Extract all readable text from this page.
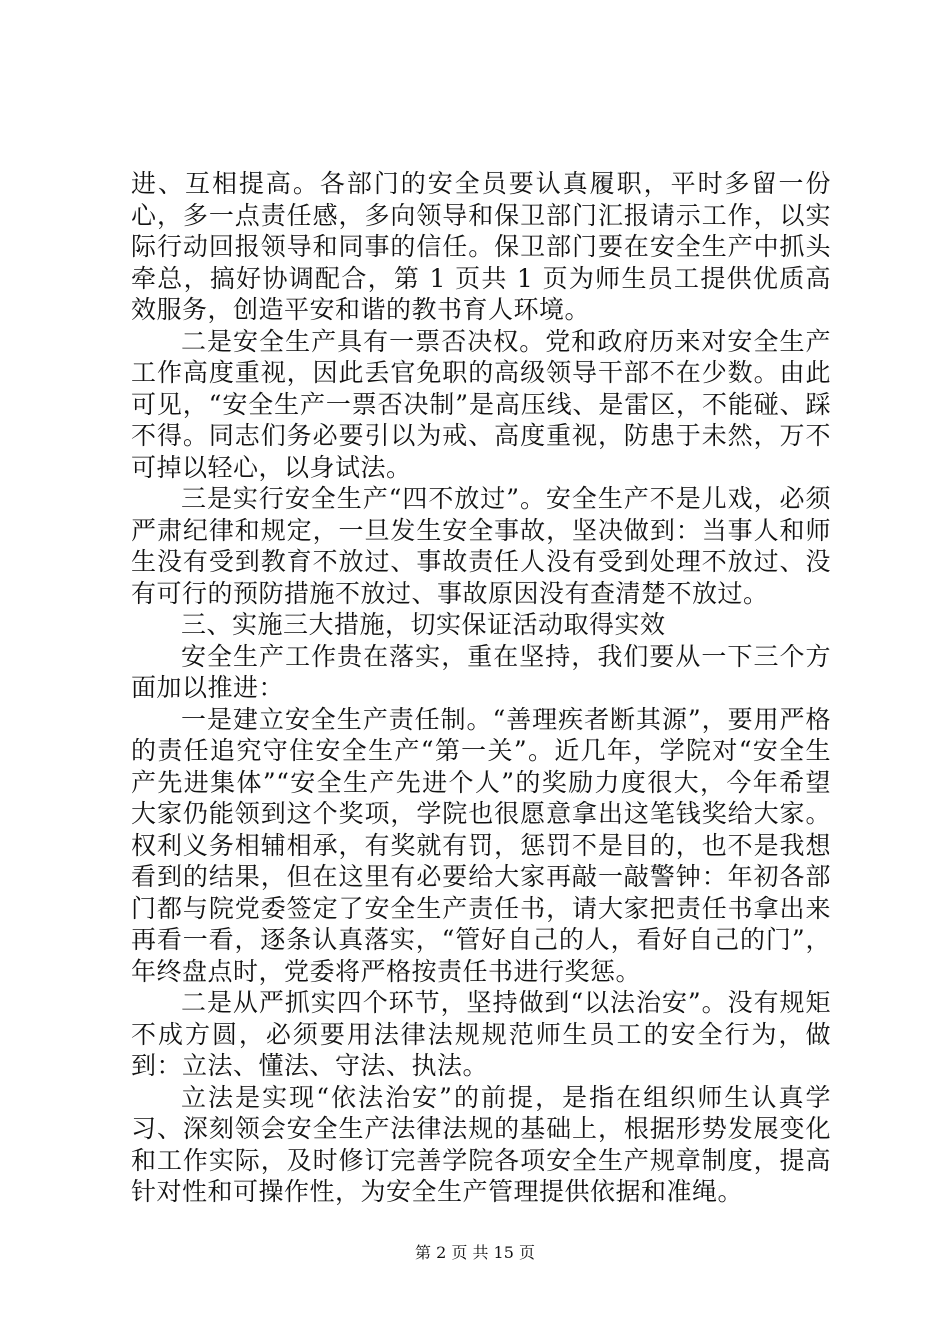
进、互相提高。各部门的安全员要认真履职，平时多留一份心，多一点责任感，多向领导和保卫部门汇报请示工作，以实际行动回报领导和同事的信任。保卫部门要在安全生产中抓头牵总，搞好协调配合，第 1 页共 1 页为师生员工提供优质高效服务，创造平安和谐的教书育人环境。

二是安全生产具有一票否决权。党和政府历来对安全生产工作高度重视，因此丢官免职的高级领导干部不在少数。由此可见，“安全生产一票否决制”是高压线、是雷区，不能碰、踩不得。同志们务必要引以为戒、高度重视，防患于未然，万不可掉以轻心，以身试法。

三是实行安全生产“四不放过”。安全生产不是儿戏，必须严肃纪律和规定，一旦发生安全事故，坚决做到：当事人和师生没有受到教育不放过、事故责任人没有受到处理不放过、没有可行的预防措施不放过、事故原因没有查清楚不放过。

三、实施三大措施，切实保证活动取得实效

安全生产工作贵在落实，重在坚持，我们要从一下三个方面加以推进：

一是建立安全生产责任制。“善理疾者断其源”，要用严格的责任追究守住安全生产“第一关”。近几年，学院对“安全生产先进集体”“安全生产先进个人”的奖励力度很大，今年希望大家仍能领到这个奖项，学院也很愿意拿出这笔钱奖给大家。权利义务相辅相承，有奖就有罚，惩罚不是目的，也不是我想看到的结果，但在这里有必要给大家再敲一敲警钟：年初各部门都与院党委签定了安全生产责任书，请大家把责任书拿出来再看一看，逐条认真落实，“管好自己的人，看好自己的门”，年终盘点时，党委将严格按责任书进行奖惩。

二是从严抓实四个环节，坚持做到“以法治安”。没有规矩不成方圆，必须要用法律法规规范师生员工的安全行为，做到：立法、懂法、守法、执法。

立法是实现“依法治安”的前提，是指在组织师生认真学习、深刻领会安全生产法律法规的基础上，根据形势发展变化和工作实际，及时修订完善学院各项安全生产规章制度，提高针对性和可操作性，为安全生产管理提供依据和准绳。

第 2 页 共 15 页
